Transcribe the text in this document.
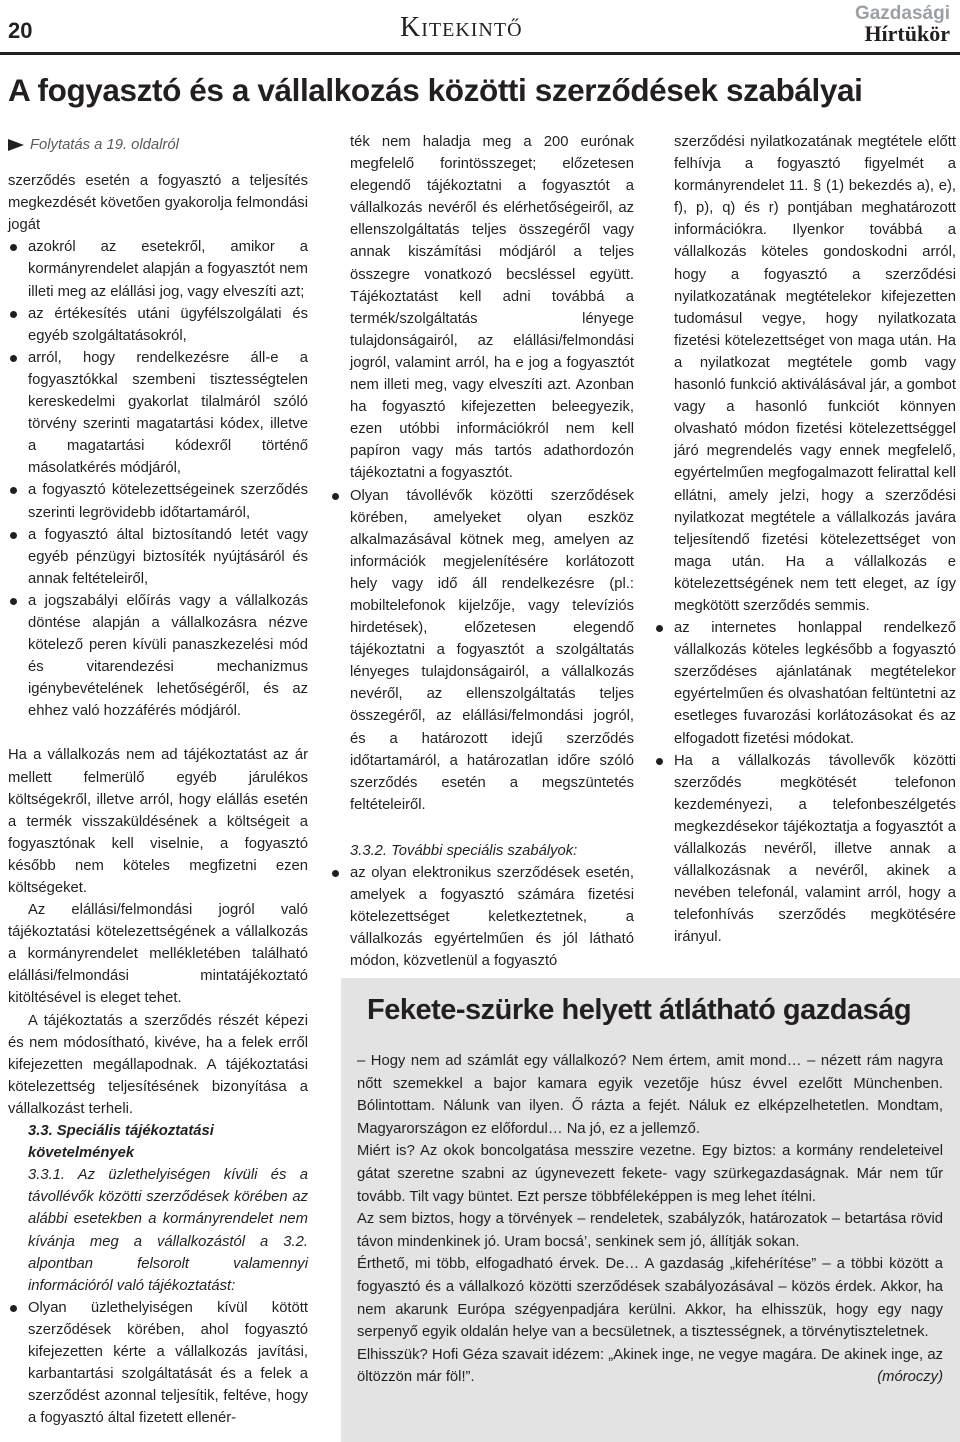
20	Kitekintő	Gazdasági
Hírtükör
A fogyasztó és a vállalkozás közötti szerződések szabályai
Folytatás a 19. oldalról

szerződés esetén a fogyasztó a teljesítés megkezdését követően gyakorolja felmondási jogát

azokról az esetekről, amikor a kormányrendelet alapján a fogyasztót nem illeti meg az elállási jog, vagy elveszíti azt;
az értékesítés utáni ügyfélszolgálati és egyéb szolgáltatásokról,
arról, hogy rendelkezésre áll-e a fogyasztókkal szembeni tisztességtelen kereskedelmi gyakorlat tilalmáról szóló törvény szerinti magatartási kódex, illetve a magatartási kódexről történő másolatkérés módjáról,
a fogyasztó kötelezettségeinek szerződés szerinti legrövidebb időtartamáról,
a fogyasztó által biztosítandó letét vagy egyéb pénzügyi biztosíték nyújtásáról és annak feltételeiről,
a jogszabályi előírás vagy a vállalkozás döntése alapján a vállalkozásra nézve kötelező peren kívüli panaszkezelési mód és vitarendezési mechanizmus igénybevételének lehetőségéről, és az ehhez való hozzáférés módjáról.

Ha a vállalkozás nem ad tájékoztatást az ár mellett felmerülő egyéb járulékos költségekről, illetve arról, hogy elállás esetén a termék visszaküldésének a költségeit a fogyasztónak kell viselnie, a fogyasztó később nem köteles megfizetni ezen költségeket.

Az elállási/felmondási jogról való tájékoztatási kötelezettségének a vállalkozás a kormányrendelet mellékletében található elállási/felmondási mintatájékoztató kitöltésével is eleget tehet.

A tájékoztatás a szerződés részét képezi és nem módosítható, kivéve, ha a felek erről kifejezetten megállapodnak. A tájékoztatási kötelezettség teljesítésének bizonyítása a vállalkozást terheli.

3.3. Speciális tájékoztatási követelmények

3.3.1. Az üzlethelyiségen kívüli és a távollévők közötti szerződések körében az alábbi esetekben a kormányrendelet nem kívánja meg a vállalkozástól a 3.2. alpontban felsorolt valamennyi információról való tájékoztatást:

Olyan üzlethelyiségen kívül kötött szerződések körében, ahol fogyasztó kifejezetten kérte a vállalkozás javítási, karbantartási szolgáltatását és a felek a szerződést azonnal teljesítik, feltéve, hogy a fogyasztó által fizetett ellenér-

ték nem haladja meg a 200 eurónak megfelelő forintösszeget; előzetesen elegendő tájékoztatni a fogyasztót a vállalkozás nevéről és elérhetőségeiről, az ellenszolgáltatás teljes összegéről vagy annak kiszámítási módjáról a teljes összegre vonatkozó becsléssel együtt. Tájékoztatást kell adni továbbá a termék/szolgáltatás lényege tulajdonságairól, az elállási/felmondási jogról, valamint arról, ha e jog a fogyasztót nem illeti meg, vagy elveszíti azt. Azonban ha fogyasztó kifejezetten beleegyezik, ezen utóbbi információkról nem kell papíron vagy más tartós adathordozón tájékoztatni a fogyasztót.

Olyan távollévők közötti szerződések körében, amelyeket olyan eszköz alkalmazásával kötnek meg, amelyen az információk megjelenítésére korlátozott hely vagy idő áll rendelkezésre (pl.: mobiltelefonok kijelzője, vagy televíziós hirdetések), előzetesen elegendő tájékoztatni a fogyasztót a szolgáltatás lényeges tulajdonságairól, a vállalkozás nevéről, az ellenszolgáltatás teljes összegéről, az elállási/felmondási jogról, és a határozott idejű szerződés időtartamáról, a határozatlan időre szóló szerződés esetén a megszüntetés feltételeiről.

3.3.2. További speciális szabályok:

az olyan elektronikus szerződések esetén, amelyek a fogyasztó számára fizetési kötelezettséget keletkeztetnek, a vállalkozás egyértelműen és jól látható módon, közvetlenül a fogyasztó

szerződési nyilatkozatának megtétele előtt felhívja a fogyasztó figyelmét a kormányrendelet 11. § (1) bekezdés a), e), f), p), q) és r) pontjában meghatározott információkra. Ilyenkor továbbá a vállalkozás köteles gondoskodni arról, hogy a fogyasztó a szerződési nyilatkozatának megtételekor kifejezetten tudomásul vegye, hogy nyilatkozata fizetési kötelezettséget von maga után. Ha a nyilatkozat megtétele gomb vagy hasonló funkció aktiválásával jár, a gombot vagy a hasonló funkciót könnyen olvasható módon fizetési kötelezettséggel járó megrendelés vagy ennek megfelelő, egyértelműen megfogalmazott felirattal kell ellátni, amely jelzi, hogy a szerződési nyilatkozat megtétele a vállalkozás javára teljesítendő fizetési kötelezettséget von maga után. Ha a vállalkozás e kötelezettségének nem tett eleget, az így megkötött szerződés semmis.

az internetes honlappal rendelkező vállalkozás köteles legkésőbb a fogyasztó szerződéses ajánlatának megtételekor egyértelműen és olvashatóan feltüntetni az esetleges fuvarozási korlátozásokat és az elfogadott fizetési módokat.
Ha a vállalkozás távollevők közötti szerződés megkötését telefonon kezdeményezi, a telefonbeszélgetés megkezdésekor tájékoztatja a fogyasztót a vállalkozás nevéről, illetve annak a vállalkozásnak a nevéről, akinek a nevében telefonál, valamint arról, hogy a telefonhívás szerződés megkötésére irányul.
Fekete-szürke helyett átlátható gazdaság

– Hogy nem ad számlát egy vállalkozó? Nem értem, amit mond… – nézett rám nagyra nőtt szemekkel a bajor kamara egyik vezetője húsz évvel ezelőtt Münchenben. Bólintottam. Nálunk van ilyen. Ő rázta a fejét. Náluk ez elképzelhetetlen. Mondtam, Magyarországon ez előfordul… Na jó, ez a jellemző.

Miért is? Az okok boncolgatása messzire vezetne. Egy biztos: a kormány rendeleteivel gátat szeretne szabni az úgynevezett fekete- vagy szürkegazdaságnak. Már nem tűr tovább. Tilt vagy büntet. Ezt persze többféleképpen is meg lehet ítélni.

Az sem biztos, hogy a törvények – rendeletek, szabályzók, határozatok – betartása rövid távon mindenkinek jó. Uram bocsá’, senkinek sem jó, állítják sokan.

Érthető, mi több, elfogadható érvek. De… A gazdaság „kifehérítése” – a többi között a fogyasztó és a vállalkozó közötti szerződések szabályozásával – közös érdek. Akkor, ha nem akarunk Európa szégyenpadjára kerülni. Akkor, ha elhisszük, hogy egy nagy serpenyő egyik oldalán helye van a becsületnek, a tisztességnek, a törvénytiszteletnek.

Elhisszük? Hofi Géza szavait idézem: „Akinek inge, ne vegye magára. De akinek inge, az öltözzön már föl!”.	(móroczy)
